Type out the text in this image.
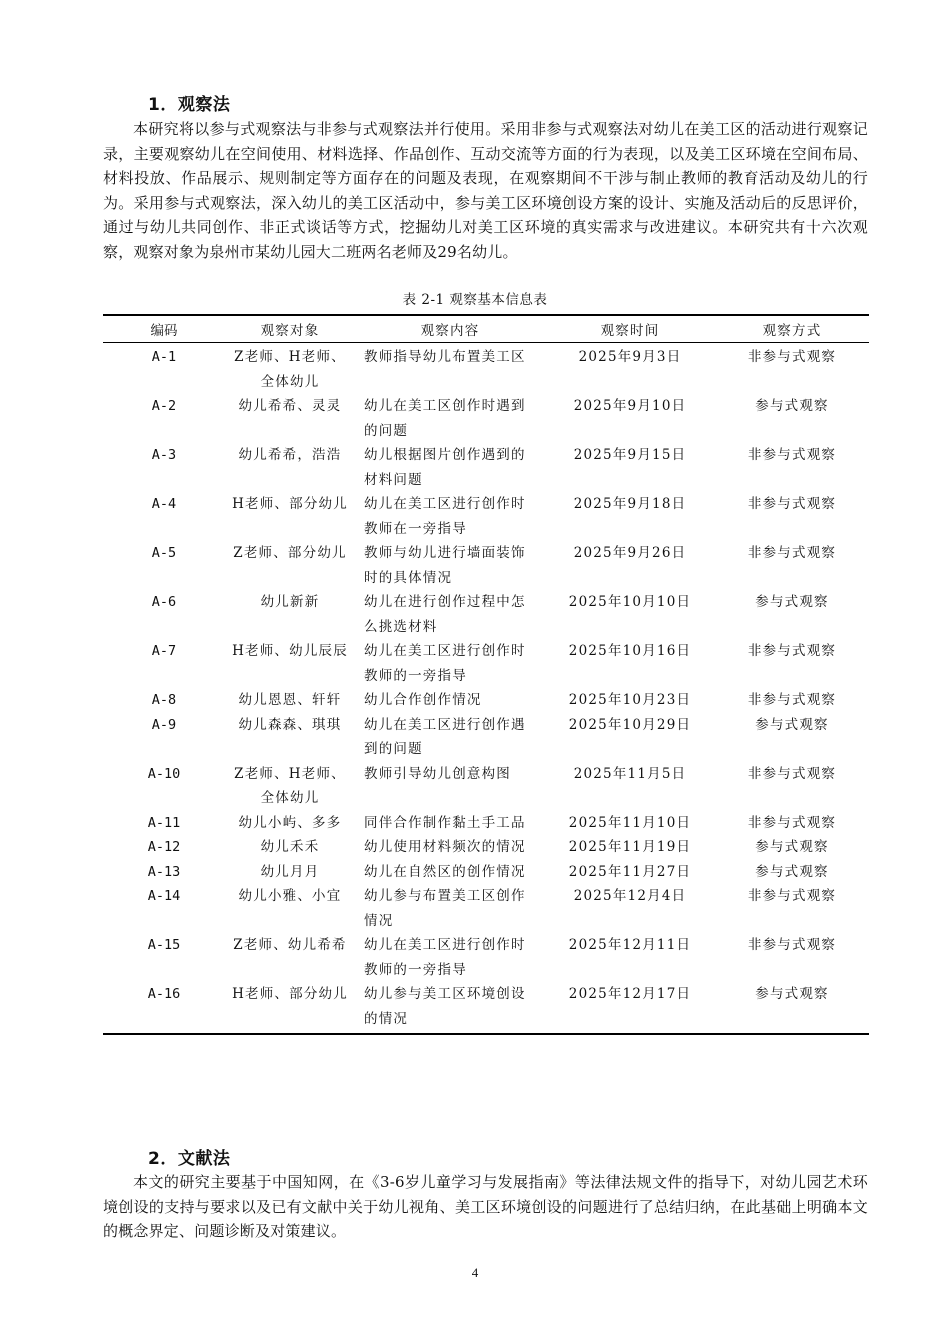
1．观察法
本研究将以参与式观察法与非参与式观察法并行使用。采用非参与式观察法对幼儿在美工区的活动进行观察记录，主要观察幼儿在空间使用、材料选择、作品创作、互动交流等方面的行为表现，以及美工区环境在空间布局、材料投放、作品展示、规则制定等方面存在的问题及表现，在观察期间不干涉与制止教师的教育活动及幼儿的行为。采用参与式观察法，深入幼儿的美工区活动中，参与美工区环境创设方案的设计、实施及活动后的反思评价，通过与幼儿共同创作、非正式谈话等方式，挖掘幼儿对美工区环境的真实需求与改进建议。本研究共有十六次观察，观察对象为泉州市某幼儿园大二班两名老师及29名幼儿。
表 2-1 观察基本信息表
编码	观察对象	观察内容	观察时间	观察方式
A-1	Z老师、H老师、全体幼儿	教师指导幼儿布置美工区	2025年9月3日	非参与式观察
A-2	幼儿希希、灵灵	幼儿在美工区创作时遇到的问题	2025年9月10日	参与式观察
A-3	幼儿希希，浩浩	幼儿根据图片创作遇到的材料问题	2025年9月15日	非参与式观察
A-4	H老师、部分幼儿	幼儿在美工区进行创作时教师在一旁指导	2025年9月18日	非参与式观察
A-5	Z老师、部分幼儿	教师与幼儿进行墙面装饰时的具体情况	2025年9月26日	非参与式观察
A-6	幼儿新新	幼儿在进行创作过程中怎么挑选材料	2025年10月10日	参与式观察
A-7	H老师、幼儿辰辰	幼儿在美工区进行创作时教师的一旁指导	2025年10月16日	非参与式观察
A-8	幼儿恩恩、轩轩	幼儿合作创作情况	2025年10月23日	非参与式观察
A-9	幼儿森森、琪琪	幼儿在美工区进行创作遇到的问题	2025年10月29日	参与式观察
A-10	Z老师、H老师、全体幼儿	教师引导幼儿创意构图	2025年11月5日	非参与式观察
A-11	幼儿小屿、多多	同伴合作制作黏土手工品	2025年11月10日	非参与式观察
A-12	幼儿禾禾	幼儿使用材料频次的情况	2025年11月19日	参与式观察
A-13	幼儿月月	幼儿在自然区的创作情况	2025年11月27日	参与式观察
A-14	幼儿小雅、小宜	幼儿参与布置美工区创作情况	2025年12月4日	非参与式观察
A-15	Z老师、幼儿希希	幼儿在美工区进行创作时教师的一旁指导	2025年12月11日	非参与式观察
A-16	H老师、部分幼儿	幼儿参与美工区环境创设的情况	2025年12月17日	参与式观察
2．文献法
本文的研究主要基于中国知网，在《3-6岁儿童学习与发展指南》等法律法规文件的指导下，对幼儿园艺术环境创设的支持与要求以及已有文献中关于幼儿视角、美工区环境创设的问题进行了总结归纳，在此基础上明确本文的概念界定、问题诊断及对策建议。
4
